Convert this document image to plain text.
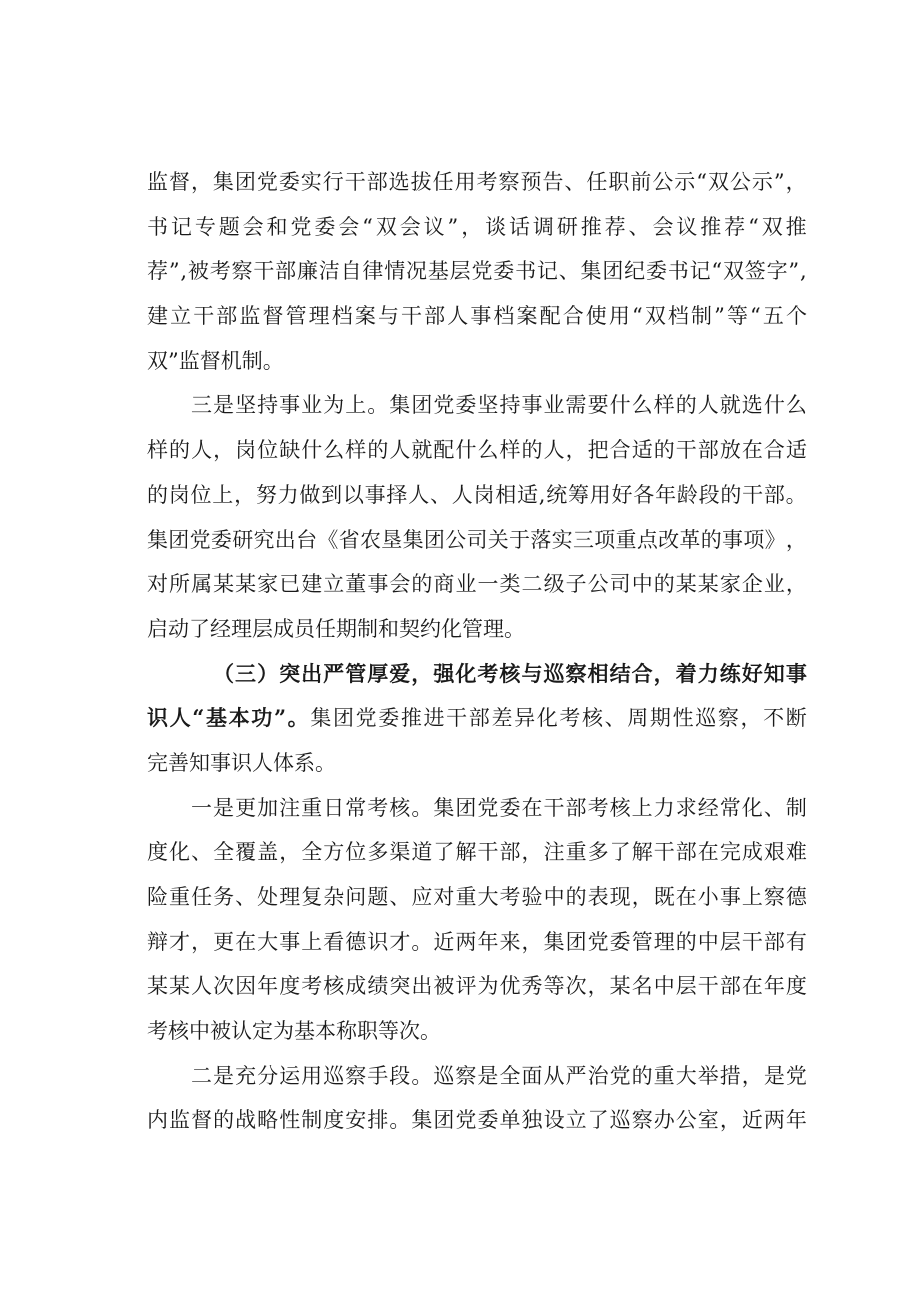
监 督 ， 集 团 党 委 实 行 干 部 选 拔 任 用 考 察 预 告 、 任 职 前 公 示 “ 双 公 示 ” ，
书 记 专 题 会 和 党 委 会 “ 双 会 议 ” ， 谈 话 调 研 推 荐 、 会 议 推 荐 “ 双 推
荐 ” , 被 考 察 干 部 廉 洁 自 律 情 况 基 层 党 委 书 记 、 集 团 纪 委 书 记 “ 双 签 字 ” ,
建 立 干 部 监 督 管 理 档 案 与 干 部 人 事 档 案 配 合 使 用 “ 双 档 制 ” 等 “ 五 个
双 ” 监 督 机 制 。
三 是 坚 持 事 业 为 上 。 集 团 党 委 坚 持 事 业 需 要 什 么 样 的 人 就 选 什 么
样 的 人 ， 岗 位 缺 什 么 样 的 人 就 配 什 么 样 的 人 ， 把 合 适 的 干 部 放 在 合 适
的 岗 位 上 ， 努 力 做 到 以 事 择 人 、 人 岗 相 适 , 统 筹 用 好 各 年 龄 段 的 干 部 。
集 团 党 委 研 究 出 台 《 省 农 垦 集 团 公 司 关 于 落 实 三 项 重 点 改 革 的 事 项 》 ，
对 所 属 某 某 家 已 建 立 董 事 会 的 商 业 一 类 二 级 子 公 司 中 的 某 某 家 企 业 ，
启 动 了 经 理 层 成 员 任 期 制 和 契 约 化 管 理 。
（ 三 ） 突 出 严 管 厚 爱 ， 强 化 考 核 与 巡 察 相 结 合 ， 着 力 练 好 知 事
识 人 “ 基 本 功 ” 。 集 团 党 委 推 进 干 部 差 异 化 考 核 、 周 期 性 巡 察 ， 不 断
完 善 知 事 识 人 体 系 。
一 是 更 加 注 重 日 常 考 核 。 集 团 党 委 在 干 部 考 核 上 力 求 经 常 化 、 制
度 化 、 全 覆 盖 ， 全 方 位 多 渠 道 了 解 干 部 ， 注 重 多 了 解 干 部 在 完 成 艰 难
险 重 任 务 、 处 理 复 杂 问 题 、 应 对 重 大 考 验 中 的 表 现 ， 既 在 小 事 上 察 德
辩 才 ， 更 在 大 事 上 看 德 识 才 。 近 两 年 来 ， 集 团 党 委 管 理 的 中 层 干 部 有
某 某 人 次 因 年 度 考 核 成 绩 突 出 被 评 为 优 秀 等 次 ， 某 名 中 层 干 部 在 年 度
考 核 中 被 认 定 为 基 本 称 职 等 次 。
二 是 充 分 运 用 巡 察 手 段 。 巡 察 是 全 面 从 严 治 党 的 重 大 举 措 ， 是 党
内 监 督 的 战 略 性 制 度 安 排 。 集 团 党 委 单 独 设 立 了 巡 察 办 公 室 ， 近 两 年
